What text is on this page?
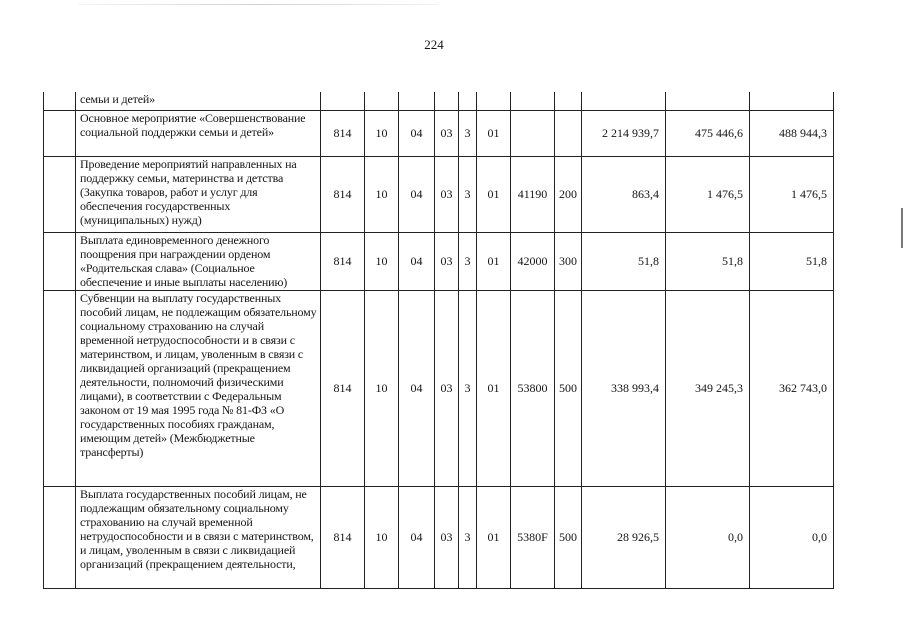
224
	семьи и детей»											
	Основное мероприятие «Совершенствование социальной поддержки семьи и детей»	814	10	04	03	3	01			2 214 939,7	475 446,6	488 944,3
	Проведение мероприятий направленных на поддержку семьи, материнства и детства (Закупка товаров, работ и услуг для обеспечения государственных (муниципальных) нужд)	814	10	04	03	3	01	41190	200	863,4	1 476,5	1 476,5
	Выплата единовременного денежного поощрения при награждении орденом «Родительская слава» (Социальное обеспечение и иные выплаты населению)	814	10	04	03	3	01	42000	300	51,8	51,8	51,8
	Субвенции на выплату государственных пособий лицам, не подлежащим обязательному социальному страхованию на случай временной нетрудоспособности и в связи с материнством, и лицам, уволенным в связи с ликвидацией организаций (прекращением деятельности, полномочий физическими лицами), в соответствии с Федеральным законом от 19 мая 1995 года № 81-ФЗ «О государственных пособиях гражданам, имеющим детей» (Межбюджетные трансферты)	814	10	04	03	3	01	53800	500	338 993,4	349 245,3	362 743,0
	Выплата государственных пособий лицам, не подлежащим обязательному социальному страхованию на случай временной нетрудоспособности и в связи с материнством, и лицам, уволенным в связи с ликвидацией организаций (прекращением деятельности,	814	10	04	03	3	01	5380F	500	28 926,5	0,0	0,0
